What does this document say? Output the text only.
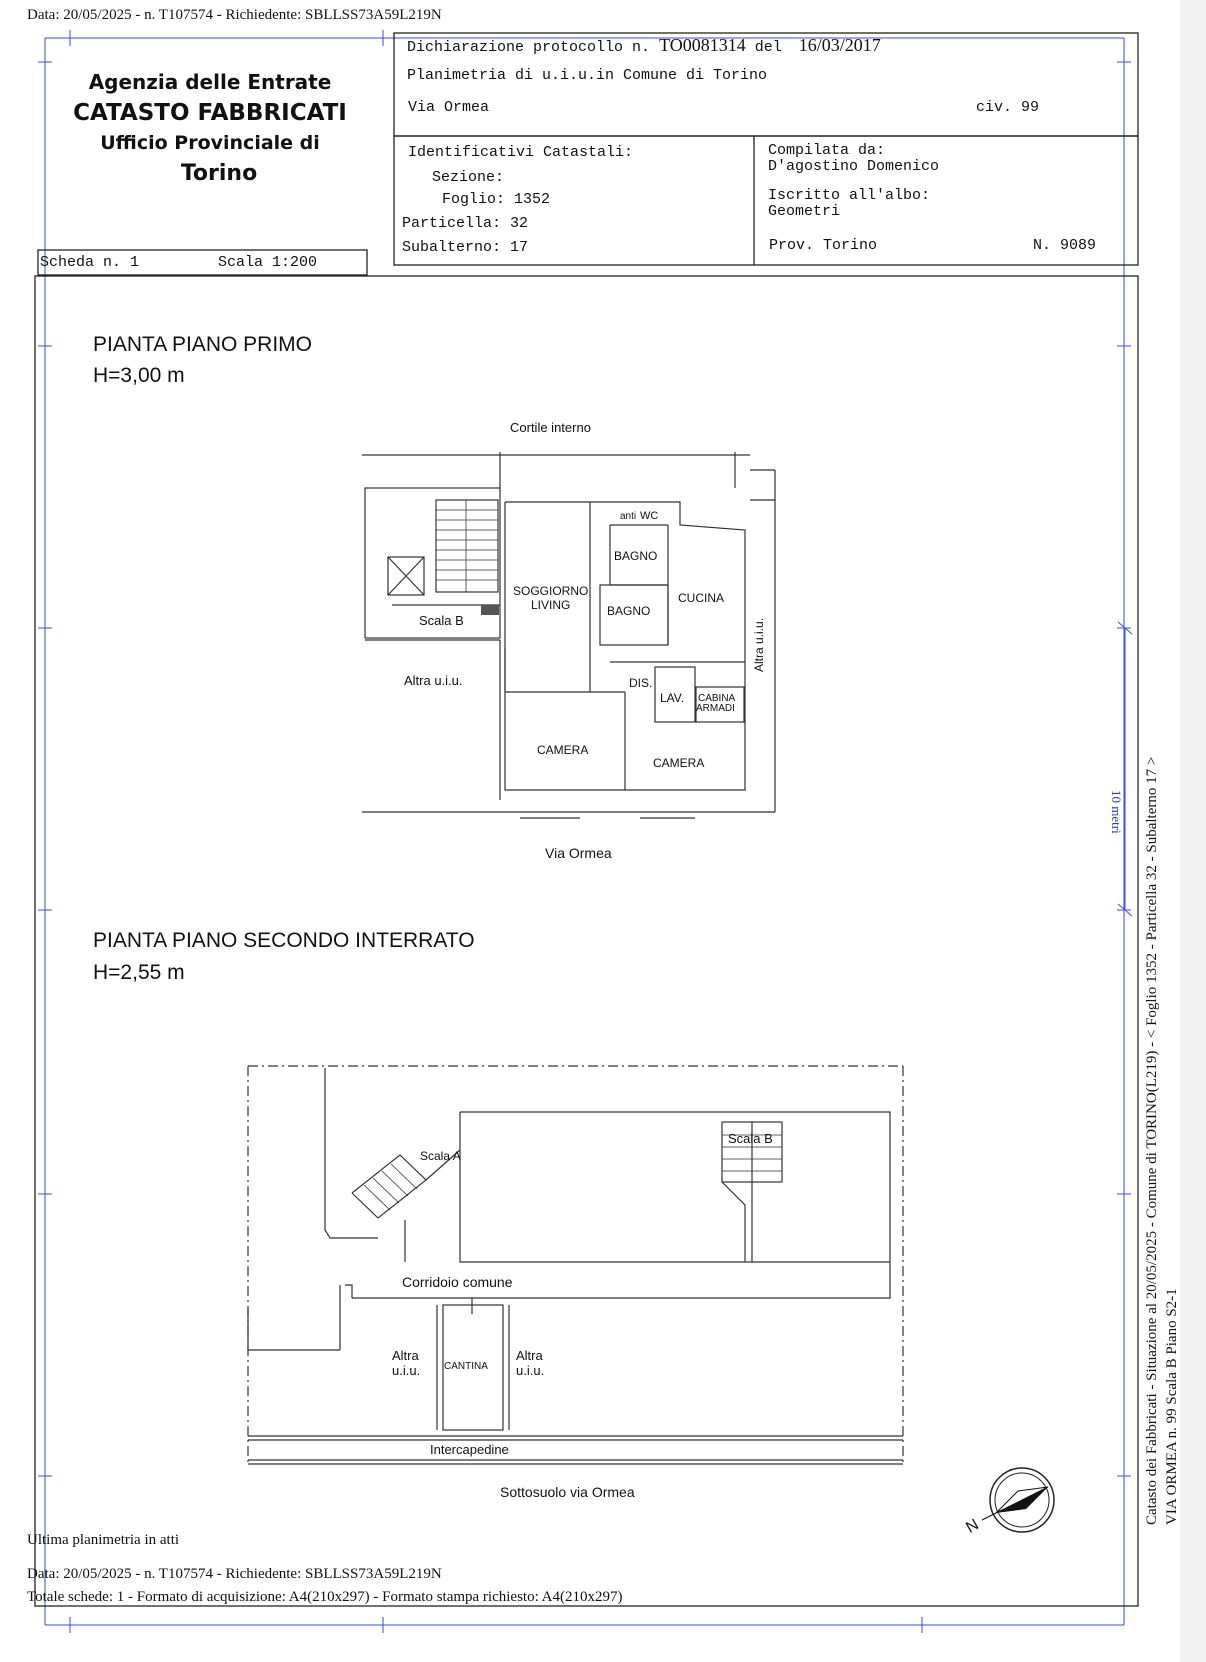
Data: 20/05/2025 - n. T107574 - Richiedente: SBLLSS73A59L219N
Agenzia delle Entrate
CATASTO FABBRICATI
Ufficio Provinciale di
Torino
Dichiarazione protocollo n. TO0081314 del 16/03/2017
Planimetria di u.i.u.in Comune di Torino
Via Ormea	civ. 99
Identificativi Catastali:
Sezione:
Foglio: 1352
Particella: 32
Subalterno: 17
Compilata da:
D'agostino Domenico
Iscritto all'albo:
Geometri
Prov. Torino	N. 9089
Scheda n. 1	Scala 1:200
PIANTA PIANO PRIMO
H=3,00 m
Cortile interno
Scala B
Altra u.i.u.
anti WC
BAGNO
BAGNO
SOGGIORNO
LIVING	CUCINA
DIS.
LAV. CABINA
ARMADI
CAMERA
CAMERA
Via Ormea
Altra u.i.u.
PIANTA PIANO SECONDO INTERRATO
H=2,55 m
Scala A
Scala B
Corridoio comune
Altra
u.i.u. CANTINA
Altra
u.i.u.
Intercapedine
Sottosuolo via Ormea
10 metri Catasto dei Fabbricati - Situazione al 20/05/2025 - Comune di TORINO(L219) - < Foglio 1352 - Particella 32 - Subalterno 17 > VIA ORMEA n. 99 Scala B Piano S2-1
N
Ultima planimetria in atti
Data: 20/05/2025 - n. T107574 - Richiedente: SBLLSS73A59L219N
Totale schede: 1 - Formato di acquisizione: A4(210x297) - Formato stampa richiesto: A4(210x297)
